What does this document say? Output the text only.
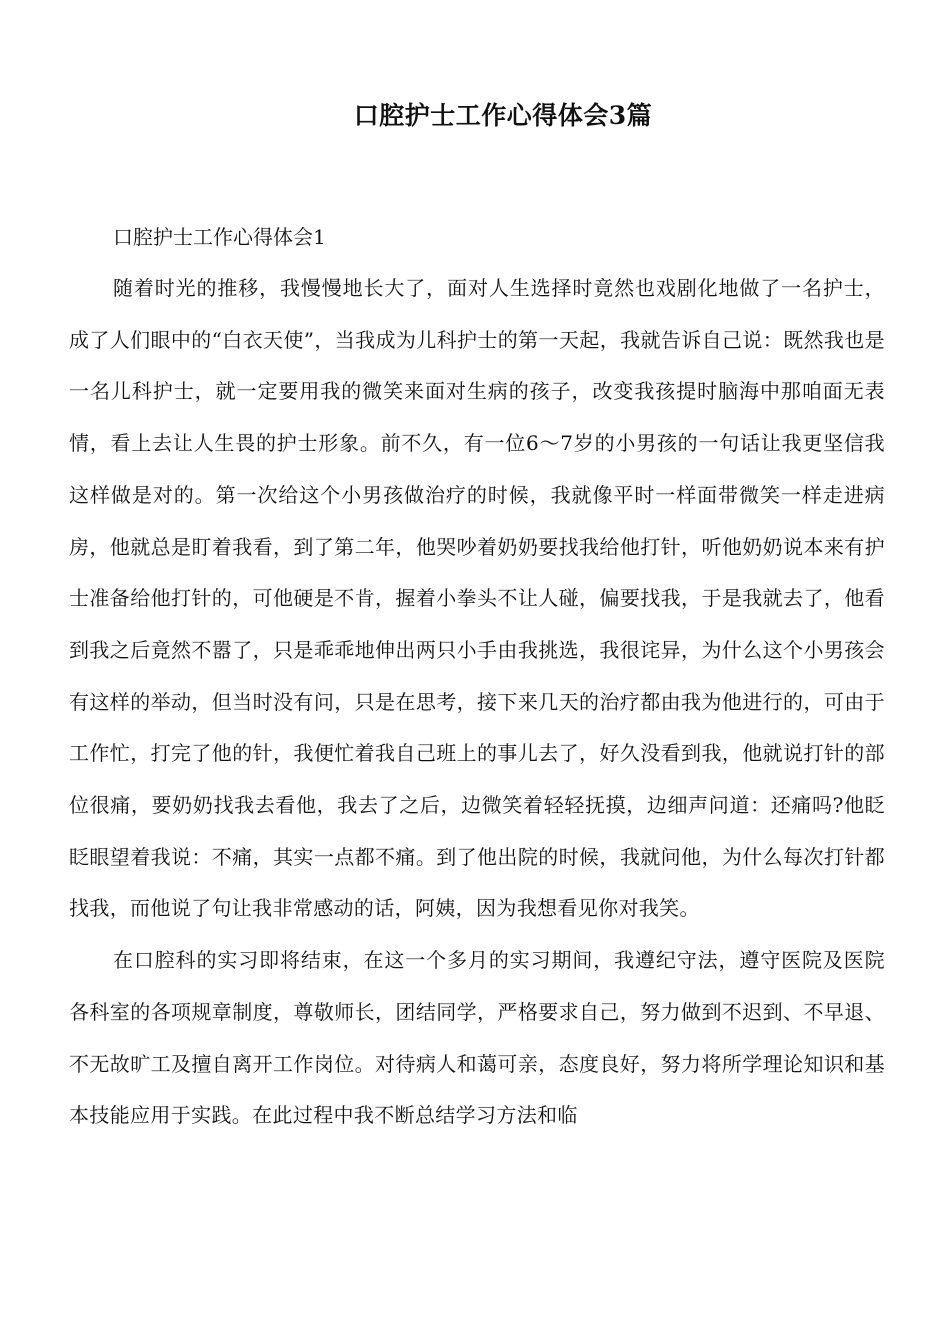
口腔护士工作心得体会3篇

口腔护士工作心得体会1

随着时光的推移，我慢慢地长大了，面对人生选择时竟然也戏剧化地做了一名护士，成了人们眼中的“白衣天使”，当我成为儿科护士的第一天起，我就告诉自己说：既然我也是一名儿科护士，就一定要用我的微笑来面对生病的孩子，改变我孩提时脑海中那咱面无表情，看上去让人生畏的护士形象。前不久，有一位6～7岁的小男孩的一句话让我更坚信我这样做是对的。第一次给这个小男孩做治疗的时候，我就像平时一样面带微笑一样走进病房，他就总是盯着我看，到了第二年，他哭吵着奶奶要找我给他打针，听他奶奶说本来有护士准备给他打针的，可他硬是不肯，握着小拳头不让人碰，偏要找我，于是我就去了，他看到我之后竟然不嚣了，只是乖乖地伸出两只小手由我挑选，我很诧异，为什么这个小男孩会有这样的举动，但当时没有问，只是在思考，接下来几天的治疗都由我为他进行的，可由于工作忙，打完了他的针，我便忙着我自己班上的事儿去了，好久没看到我，他就说打针的部位很痛，要奶奶找我去看他，我去了之后，边微笑着轻轻抚摸，边细声问道：还痛吗?他眨眨眼望着我说：不痛，其实一点都不痛。到了他出院的时候，我就问他，为什么每次打针都找我，而他说了句让我非常感动的话，阿姨，因为我想看见你对我笑。

在口腔科的实习即将结束，在这一个多月的实习期间，我遵纪守法，遵守医院及医院各科室的各项规章制度，尊敬师长，团结同学，严格要求自己，努力做到不迟到、不早退、不无故旷工及擅自离开工作岗位。对待病人和蔼可亲，态度良好，努力将所学理论知识和基本技能应用于实践。在此过程中我不断总结学习方法和临
